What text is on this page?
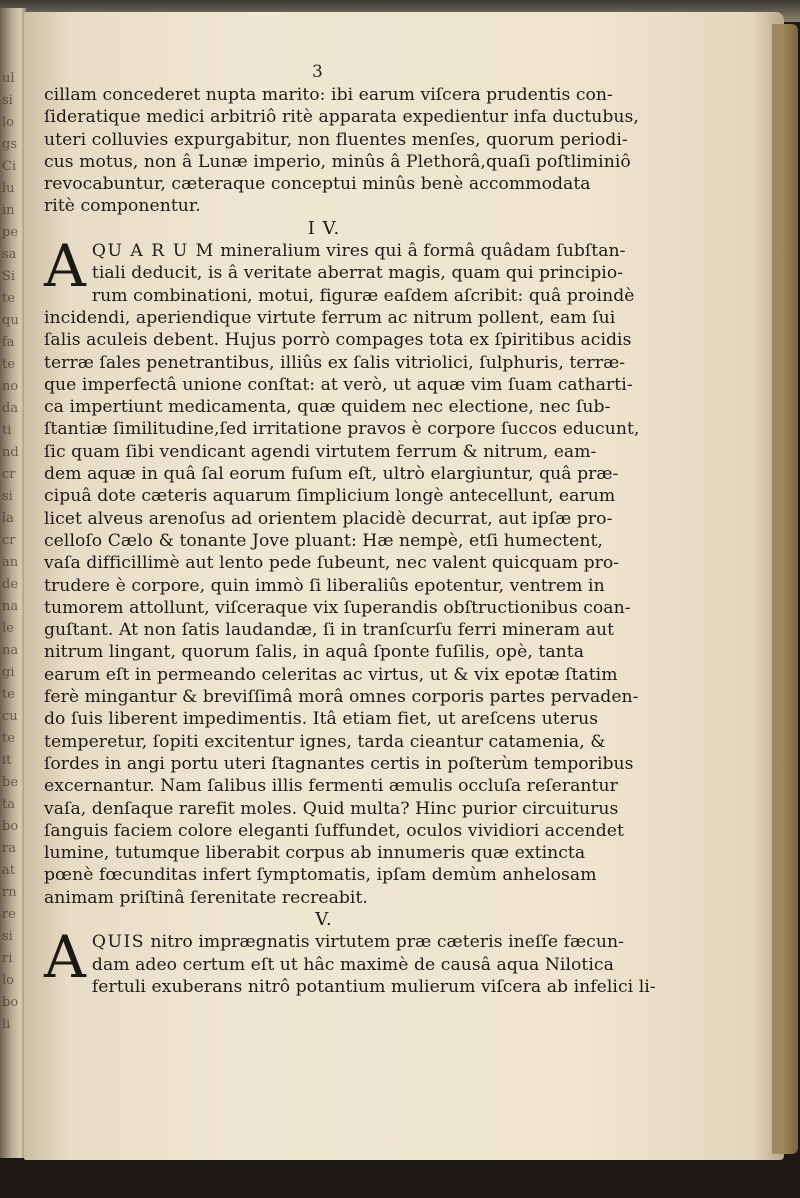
ul
si
lo
gs
Ci
lu
in
pe
sa
Si
te
qu
fa
te
no
da
ti
nd
cr
si
la
cr
an
de
na
le
na
gi
te
cu
te
it
be
ta
bo
ra
at
rn
re
si
ri
lo
bo
li
3
cillam concederet nupta marito: ibi earum viſcera prudentis con-
ſideratique medici arbitriô ritè apparata expedientur infa ductubus,
uteri colluvies expurgabitur, non fluentes menſes, quorum periodi-
cus motus, non â Lunæ imperio, minûs â Plethorâ,quaſi poſtliminiô
revocabuntur, cæteraque conceptui minûs benè accommodata
ritè componentur.
I V.
A QU A R U M mineralium vires qui â formâ quâdam ſubſtan-
tiali deducit, is â veritate aberrat magis, quam qui principio-
rum combinationi, motui, figuræ eaſdem aſcribit: quâ proindè
incidendi, aperiendique virtute ferrum ac nitrum pollent, eam ſui
ſalis aculeis debent. Hujus porrò compages tota ex ſpiritibus acidis
terræ ſales penetrantibus, illiûs ex ſalis vitriolici, ſulphuris, terræ-
que imperfectâ unione conſtat: at verò, ut aquæ vim ſuam catharti-
ca impertiunt medicamenta, quæ quidem nec electione, nec ſub-
ſtantiæ ſimilitudine,ſed irritatione pravos è corpore ſuccos educunt,
ſic quam ſibi vendicant agendi virtutem ferrum & nitrum, eam-
dem aquæ in quâ ſal eorum fuſum eſt, ultrò elargiuntur, quâ præ-
cipuâ dote cæteris aquarum ſimplicium longè antecellunt, earum
licet alveus arenoſus ad orientem placidè decurrat, aut ipſæ pro-
celloſo Cælo & tonante Jove pluant: Hæ nempè, etſi humectent,
vaſa difficillimè aut lento pede ſubeunt, nec valent quicquam pro-
trudere è corpore, quin immò ſi liberaliûs epotentur, ventrem in
tumorem attollunt, viſceraque vix ſuperandis obſtructionibus coan-
guſtant. At non ſatis laudandæ, ſi in tranſcurſu ferri mineram aut
nitrum lingant, quorum ſalis, in aquâ ſponte fuſilis, opè, tanta
earum eſt in permeando celeritas ac virtus, ut & vix epotæ ſtatim
ferè mingantur & breviſſimâ morâ omnes corporis partes pervaden-
do ſuis liberent impedimentis. Itâ etiam fiet, ut areſcens uterus
temperetur, ſopiti excitentur ignes, tarda cieantur catamenia, &
ſordes in angi portu uteri ſtagnantes certis in poſterùm temporibus
excernantur. Nam ſalibus illis fermenti æmulis occluſa reſerantur
vaſa, denſaque rarefit moles. Quid multa? Hinc purior circuiturus
ſanguis faciem colore eleganti ſuffundet, oculos vividiori accendet
lumine, tutumque liberabit corpus ab innumeris quæ extincta
pœnè fœcunditas infert ſymptomatis, ipſam demùm anhelosam
animam priſtinâ ſerenitate recreabit.
V.
A QUIS nitro imprægnatis virtutem præ cæteris ineſſe fæcun-
dam adeo certum eſt ut hâc maximè de causâ aqua Nilotica
fertuli exuberans nitrô potantium mulierum viſcera ab infelici li-
